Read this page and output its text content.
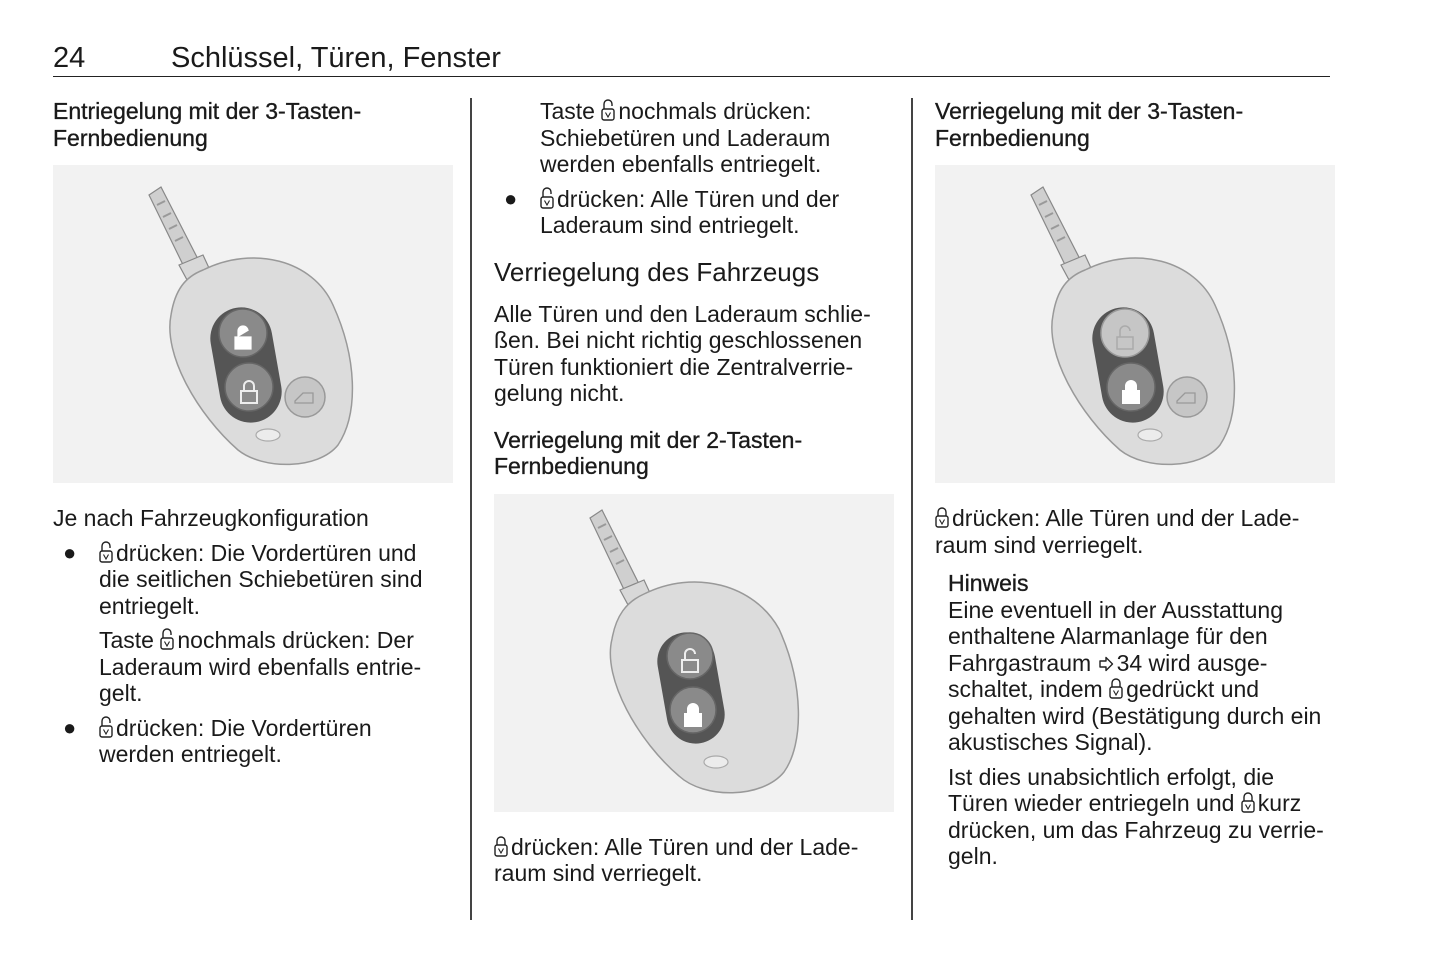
24	Schlüssel, Türen, Fenster
Entriegelung mit der 3-Tasten-
Fernbedienung

Je nach Fahrzeugkonfiguration

●	drücken: Die Vordertüren und
die seitlichen Schiebetüren sind
entriegelt.
Taste nochmals drücken: Der
Laderaum wird ebenfalls entrie-
gelt.
●	drücken: Die Vordertüren
werden entriegelt.
Taste nochmals drücken:
Schiebetüren und Laderaum
werden ebenfalls entriegelt.
●	drücken: Alle Türen und der
Laderaum sind entriegelt.
Verriegelung des Fahrzeugs
Alle Türen und den Laderaum schlie-
ßen. Bei nicht richtig geschlossenen
Türen funktioniert die Zentralverrie-
gelung nicht.
Verriegelung mit der 2-Tasten-
Fernbedienung
drücken: Alle Türen und der Lade-
raum sind verriegelt.
Verriegelung mit der 3-Tasten-
Fernbedienung
drücken: Alle Türen und der Lade-
raum sind verriegelt.
Hinweis
Eine eventuell in der Ausstattung
enthaltene Alarmanlage für den
Fahrgastraum 34 wird ausge-
schaltet, indem gedrückt und
gehalten wird (Bestätigung durch ein
akustisches Signal).
Ist dies unabsichtlich erfolgt, die
Türen wieder entriegeln und kurz
drücken, um das Fahrzeug zu verrie-
geln.
